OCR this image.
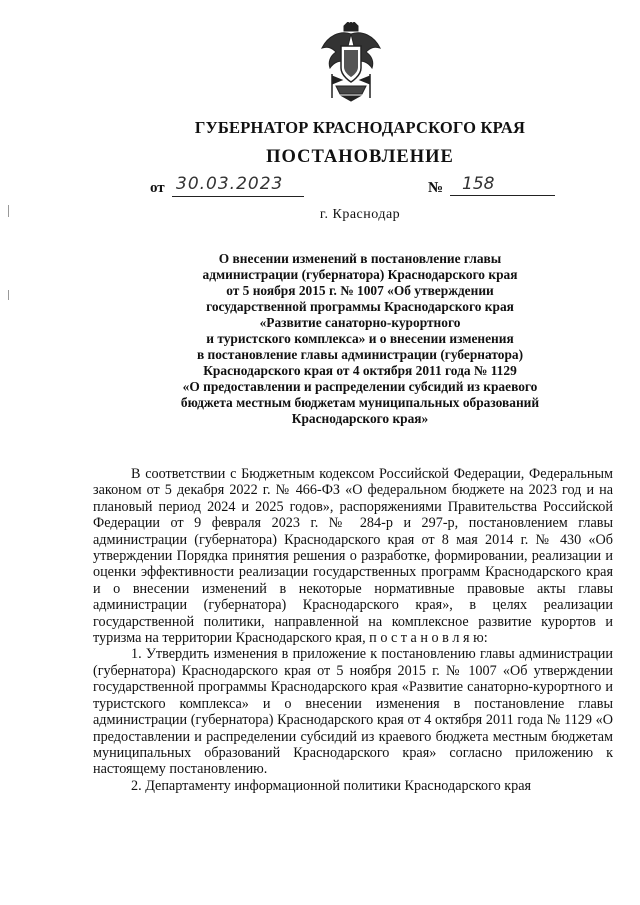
ГУБЕРНАТОР КРАСНОДАРСКОГО КРАЯ
ПОСТАНОВЛЕНИЕ
от 30.03.2023	№	158
г. Краснодар
О внесении изменений в постановление главы
администрации (губернатора) Краснодарского края
от 5 ноября 2015 г. № 1007 «Об утверждении
государственной программы Краснодарского края
«Развитие санаторно-курортного
и туристского комплекса» и о внесении изменения
в постановление главы администрации (губернатора)
Краснодарского края от 4 октября 2011 года № 1129
«О предоставлении и распределении субсидий из краевого
бюджета местным бюджетам муниципальных образований
Краснодарского края»

В соответствии с Бюджетным кодексом Российской Федерации, Федеральным законом от 5 декабря 2022 г. № 466-ФЗ «О федеральном бюджете на 2023 год и на плановый период 2024 и 2025 годов», распоряжениями Правительства Российской Федерации от 9 февраля 2023 г. № 284-р и 297-р, постановлением главы администрации (губернатора) Краснодарского края от 8 мая 2014 г. № 430 «Об утверждении Порядка принятия решения о разработке, формировании, реализации и оценки эффективности реализации государственных программ Краснодарского края и о внесении изменений в некоторые нормативные правовые акты главы администрации (губернатора) Краснодарского края», в целях реализации государственной политики, направленной на комплексное развитие курортов и туризма на территории Краснодарского края, п о с т а н о в л я ю:

1. Утвердить изменения в приложение к постановлению главы администрации (губернатора) Краснодарского края от 5 ноября 2015 г. № 1007 «Об утверждении государственной программы Краснодарского края «Развитие санаторно-курортного и туристского комплекса» и о внесении изменения в постановление главы администрации (губернатора) Краснодарского края от 4 октября 2011 года № 1129 «О предоставлении и распределении субсидий из краевого бюджета местным бюджетам муниципальных образований Краснодарского края» согласно приложению к настоящему постановлению.

2. Департаменту информационной политики Краснодарского края
